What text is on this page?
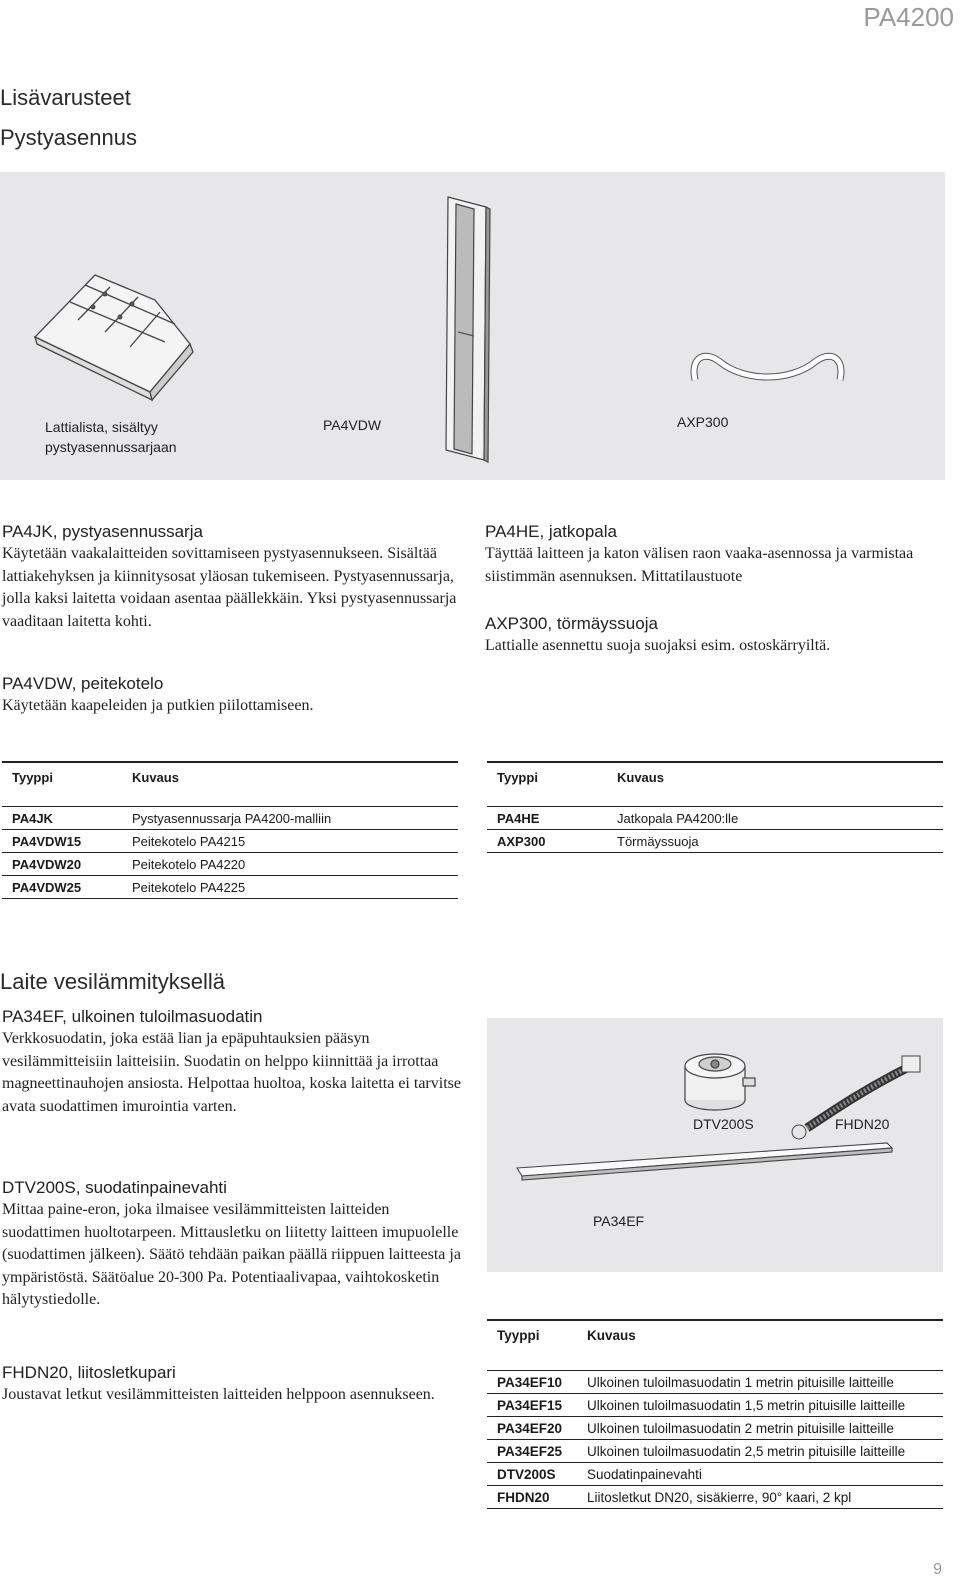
PA4200
Lisävarusteet
Pystyasennus
Lattialista, sisältyy
pystyasennussarjaan
PA4VDW	AXP300
PA4JK, pystyasennussarja
Käytetään vaakalaitteiden sovittamiseen pystyasennukseen. Sisältää lattiakehyksen ja kiinnitysosat yläosan tukemiseen. Pystyasennussarja, jolla kaksi laitetta voidaan asentaa päällekkäin. Yksi pystyasennussarja vaaditaan laitetta kohti.
PA4VDW, peitekotelo
Käytetään kaapeleiden ja putkien piilottamiseen.
PA4HE, jatkopala
Täyttää laitteen ja katon välisen raon vaaka-asennossa ja varmistaa siistimmän asennuksen. Mittatilaustuote
AXP300, törmäyssuoja
Lattialle asennettu suoja suojaksi esim. ostoskärryiltä.
Tyyppi	Kuvaus

PA4JK	Pystyasennussarja PA4200-malliin
PA4VDW15	Peitekotelo PA4215
PA4VDW20	Peitekotelo PA4220
PA4VDW25	Peitekotelo PA4225
Tyyppi	Kuvaus

PA4HE	Jatkopala PA4200:lle
AXP300	Törmäyssuoja
Laite vesilämmityksellä
PA34EF, ulkoinen tuloilmasuodatin
Verkkosuodatin, joka estää lian ja epäpuhtauksien pääsyn vesilämmitteisiin laitteisiin. Suodatin on helppo kiinnittää ja irrottaa magneettinauhojen ansiosta. Helpottaa huoltoa, koska laitetta ei tarvitse avata suodattimen imurointia varten.
DTV200S, suodatinpainevahti
Mittaa paine-eron, joka ilmaisee vesilämmitteisten laitteiden suodattimen huoltotarpeen. Mittausletku on liitetty laitteen imupuolelle (suodattimen jälkeen). Säätö tehdään paikan päällä riippuen laitteesta ja ympäristöstä. Säätöalue 20-300 Pa. Potentiaalivapaa, vaihtokosketin hälytystiedolle.
FHDN20, liitosletkupari
Joustavat letkut vesilämmitteisten laitteiden helppoon asennukseen.
DTV200S	FHDN20
PA34EF
Tyyppi	Kuvaus

PA34EF10	Ulkoinen tuloilmasuodatin 1 metrin pituisille laitteille
PA34EF15	Ulkoinen tuloilmasuodatin 1,5 metrin pituisille laitteille
PA34EF20	Ulkoinen tuloilmasuodatin 2 metrin pituisille laitteille
PA34EF25	Ulkoinen tuloilmasuodatin 2,5 metrin pituisille laitteille
DTV200S	Suodatinpainevahti
FHDN20	Liitosletkut DN20, sisäkierre, 90° kaari, 2 kpl
9
